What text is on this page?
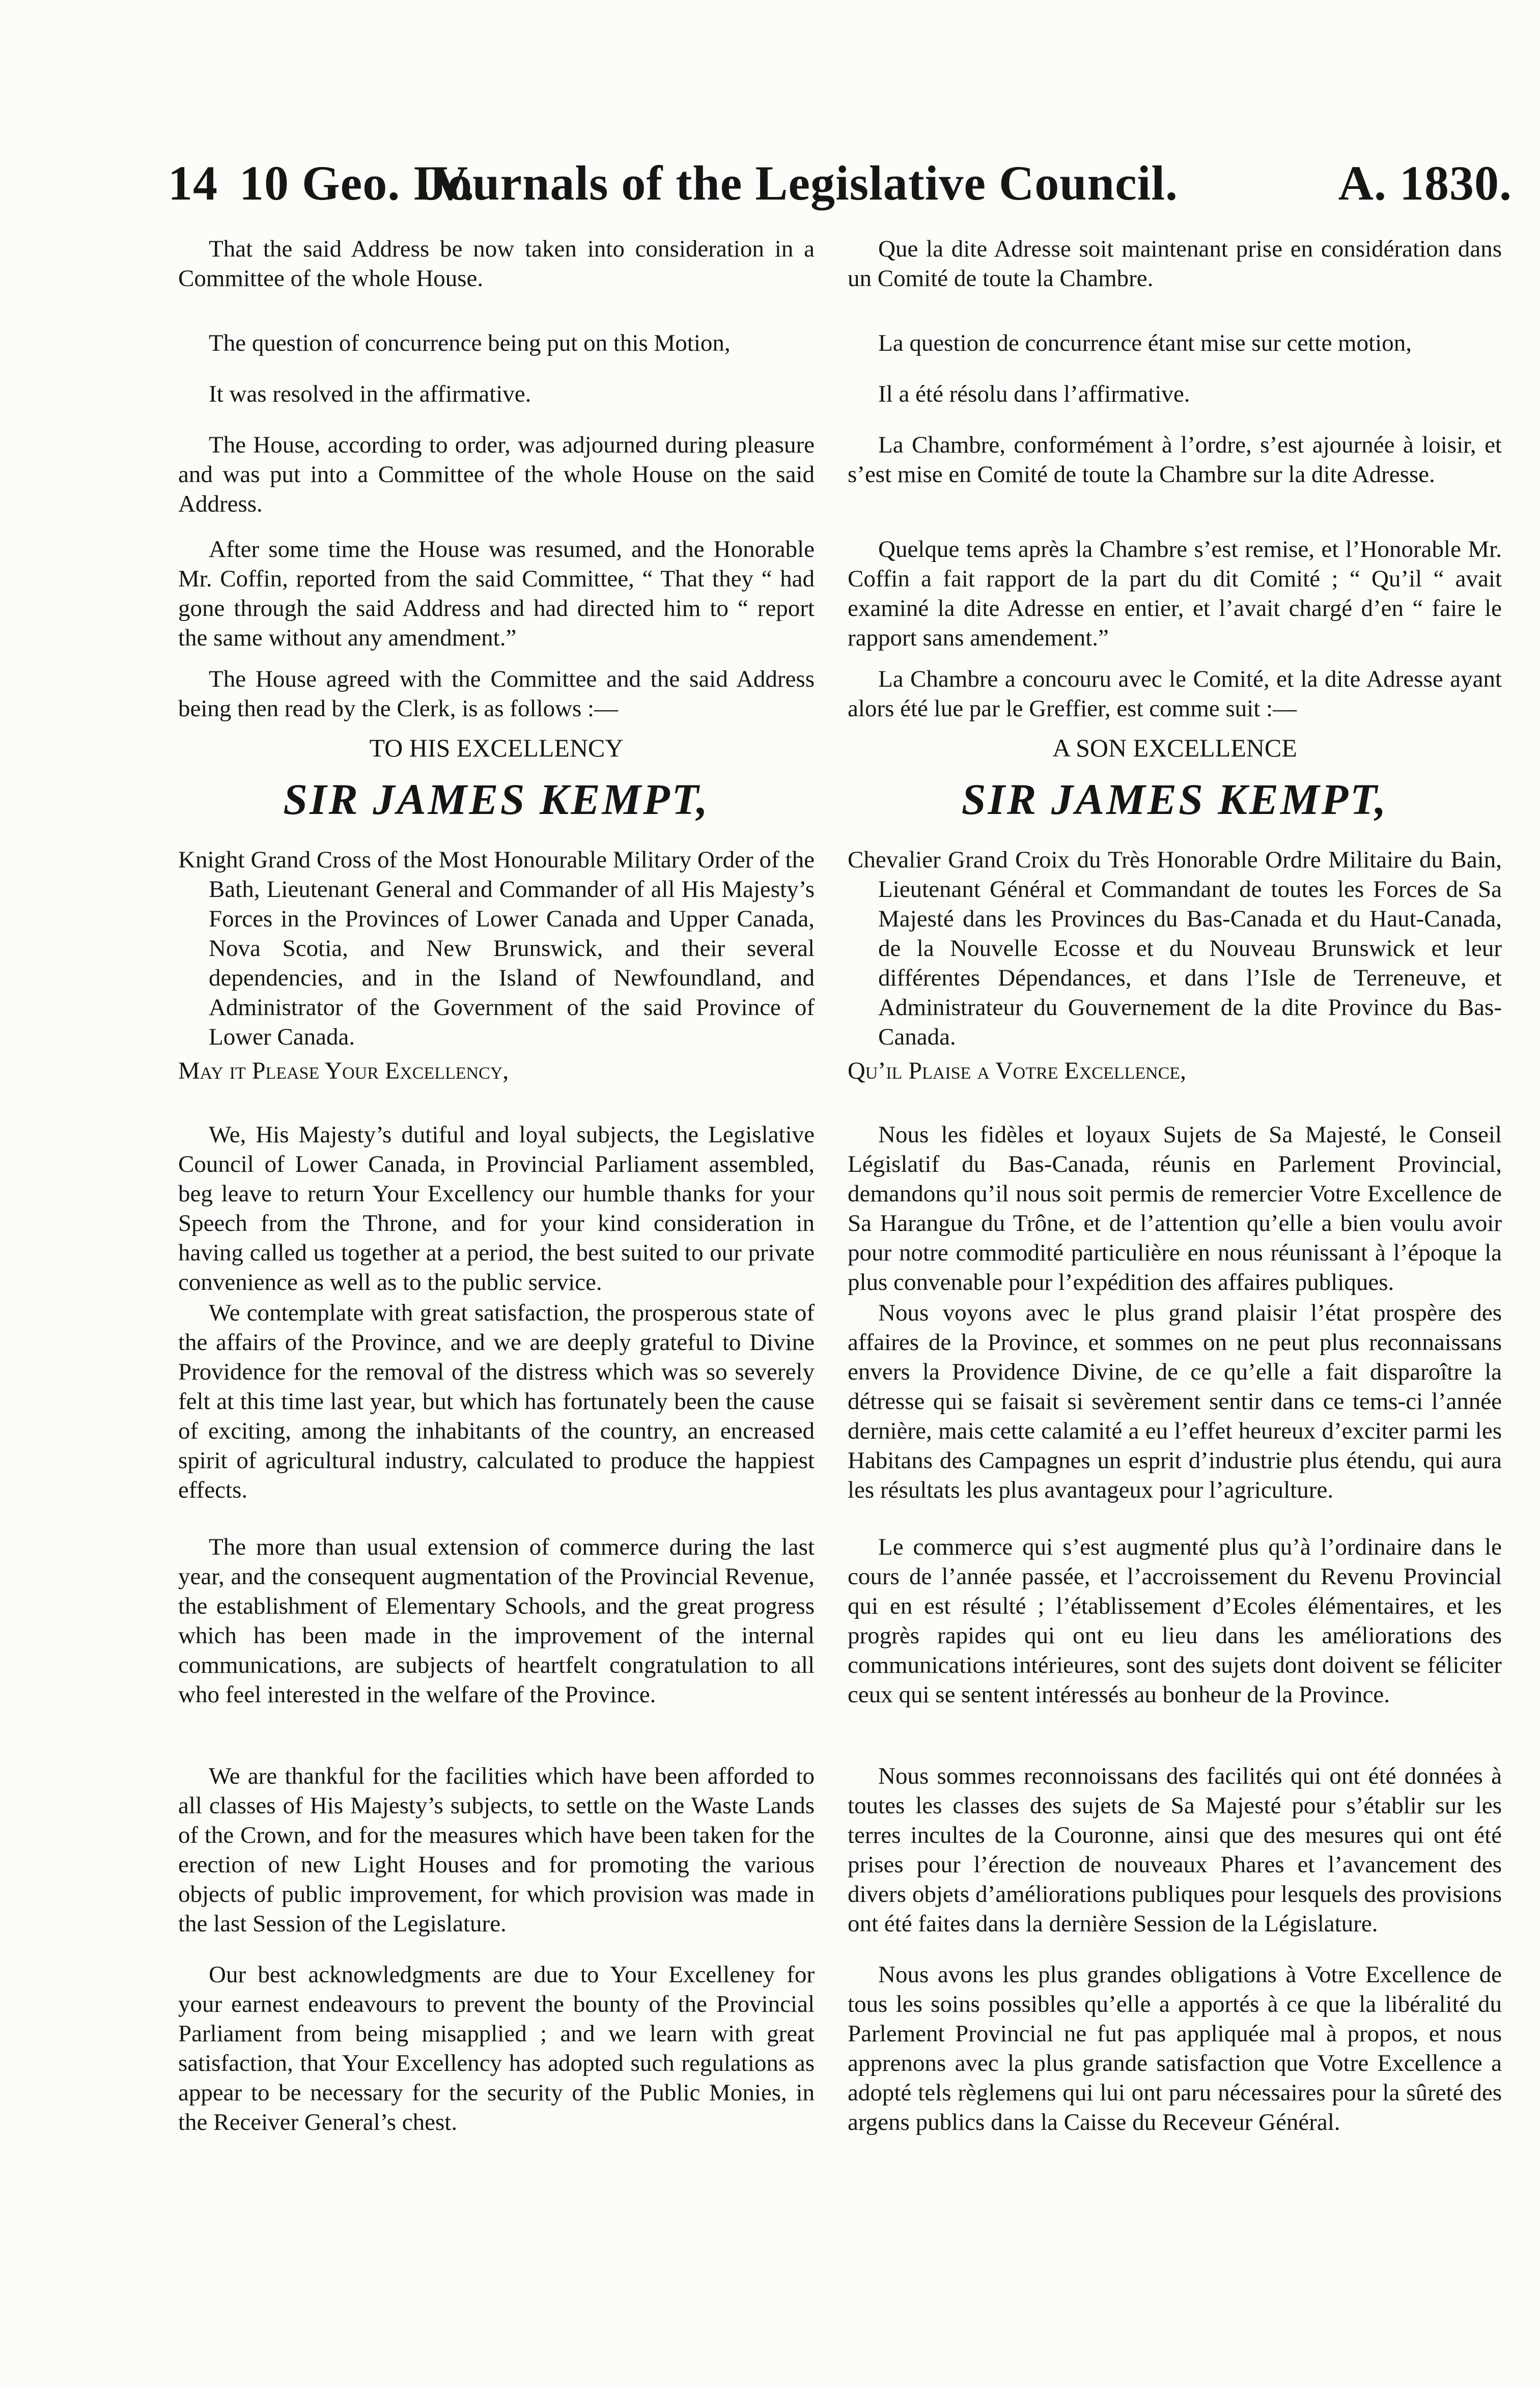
14 10 Geo. IV.
Journals of the Legislative Council.	A. 1830.

That the said Address be now taken into consideration in a Committee of the whole House.

The question of concurrence being put on this Motion,

It was resolved in the affirmative.

The House, according to order, was adjourned during pleasure and was put into a Committee of the whole House on the said Address.

After some time the House was resumed, and the Honorable Mr. Coffin, reported from the said Committee, “ That they “ had gone through the said Address and had directed him to “ report the same without any amendment.”

The House agreed with the Committee and the said Address being then read by the Clerk, is as follows :—

TO HIS EXCELLENCY

SIR JAMES KEMPT,

Knight Grand Cross of the Most Honourable Military Order of the Bath, Lieutenant General and Commander of all His Majesty’s Forces in the Provinces of Lower Canada and Upper Canada, Nova Scotia, and New Brunswick, and their several dependencies, and in the Island of Newfoundland, and Administrator of the Government of the said Province of Lower Canada.

May it Please Your Excellency,

We, His Majesty’s dutiful and loyal subjects, the Legislative Council of Lower Canada, in Provincial Parliament assembled, beg leave to return Your Excellency our humble thanks for your Speech from the Throne, and for your kind consideration in having called us together at a period, the best suited to our private convenience as well as to the public service.

We contemplate with great satisfaction, the prosperous state of the affairs of the Province, and we are deeply grateful to Divine Providence for the removal of the distress which was so severely felt at this time last year, but which has fortunately been the cause of exciting, among the inhabitants of the country, an encreased spirit of agricultural industry, calculated to produce the happiest effects.

The more than usual extension of commerce during the last year, and the consequent augmentation of the Provincial Revenue, the establishment of Elementary Schools, and the great progress which has been made in the improvement of the internal communications, are subjects of heartfelt congratulation to all who feel interested in the welfare of the Province.

We are thankful for the facilities which have been afforded to all classes of His Majesty’s subjects, to settle on the Waste Lands of the Crown, and for the measures which have been taken for the erection of new Light Houses and for promoting the various objects of public improvement, for which provision was made in the last Session of the Legislature.

Our best acknowledgments are due to Your Excelleney for your earnest endeavours to prevent the bounty of the Provincial Parliament from being misapplied ; and we learn with great satisfaction, that Your Excellency has adopted such regulations as appear to be necessary for the security of the Public Monies, in the Receiver General’s chest.

Que la dite Adresse soit maintenant prise en considération dans un Comité de toute la Chambre.

La question de concurrence étant mise sur cette motion,

Il a été résolu dans l’affirmative.

La Chambre, conformément à l’ordre, s’est ajournée à loisir, et s’est mise en Comité de toute la Chambre sur la dite Adresse.

Quelque tems après la Chambre s’est remise, et l’Honorable Mr. Coffin a fait rapport de la part du dit Comité ; “ Qu’il “ avait examiné la dite Adresse en entier, et l’avait chargé d’en “ faire le rapport sans amendement.”

La Chambre a concouru avec le Comité, et la dite Adresse ayant alors été lue par le Greffier, est comme suit :—

A SON EXCELLENCE

SIR JAMES KEMPT,

Chevalier Grand Croix du Très Honorable Ordre Militaire du Bain, Lieutenant Général et Commandant de toutes les Forces de Sa Majesté dans les Provinces du Bas-Canada et du Haut-Canada, de la Nouvelle Ecosse et du Nouveau Brunswick et leur différentes Dépendances, et dans l’Isle de Terreneuve, et Administrateur du Gouvernement de la dite Province du Bas-Canada.

Qu’il Plaise a Votre Excellence,

Nous les fidèles et loyaux Sujets de Sa Majesté, le Conseil Législatif du Bas-Canada, réunis en Parlement Provincial, demandons qu’il nous soit permis de remercier Votre Excellence de Sa Harangue du Trône, et de l’attention qu’elle a bien voulu avoir pour notre commodité particulière en nous réunissant à l’époque la plus convenable pour l’expédition des affaires publiques.

Nous voyons avec le plus grand plaisir l’état prospère des affaires de la Province, et sommes on ne peut plus reconnaissans envers la Providence Divine, de ce qu’elle a fait disparoître la détresse qui se faisait si sevèrement sentir dans ce tems-ci l’année dernière, mais cette calamité a eu l’effet heureux d’exciter parmi les Habitans des Campagnes un esprit d’industrie plus étendu, qui aura les résultats les plus avantageux pour l’agriculture.

Le commerce qui s’est augmenté plus qu’à l’ordinaire dans le cours de l’année passée, et l’accroissement du Revenu Provincial qui en est résulté ; l’établissement d’Ecoles élémentaires, et les progrès rapides qui ont eu lieu dans les améliorations des communications intérieures, sont des sujets dont doivent se féliciter ceux qui se sentent intéressés au bonheur de la Province.

Nous sommes reconnoissans des facilités qui ont été données à toutes les classes des sujets de Sa Majesté pour s’établir sur les terres incultes de la Couronne, ainsi que des mesures qui ont été prises pour l’érection de nouveaux Phares et l’avancement des divers objets d’améliorations publiques pour lesquels des provisions ont été faites dans la dernière Session de la Législature.

Nous avons les plus grandes obligations à Votre Excellence de tous les soins possibles qu’elle a apportés à ce que la libéralité du Parlement Provincial ne fut pas appliquée mal à propos, et nous apprenons avec la plus grande satisfaction que Votre Excellence a adopté tels règlemens qui lui ont paru nécessaires pour la sûreté des argens publics dans la Caisse du Receveur Général.
